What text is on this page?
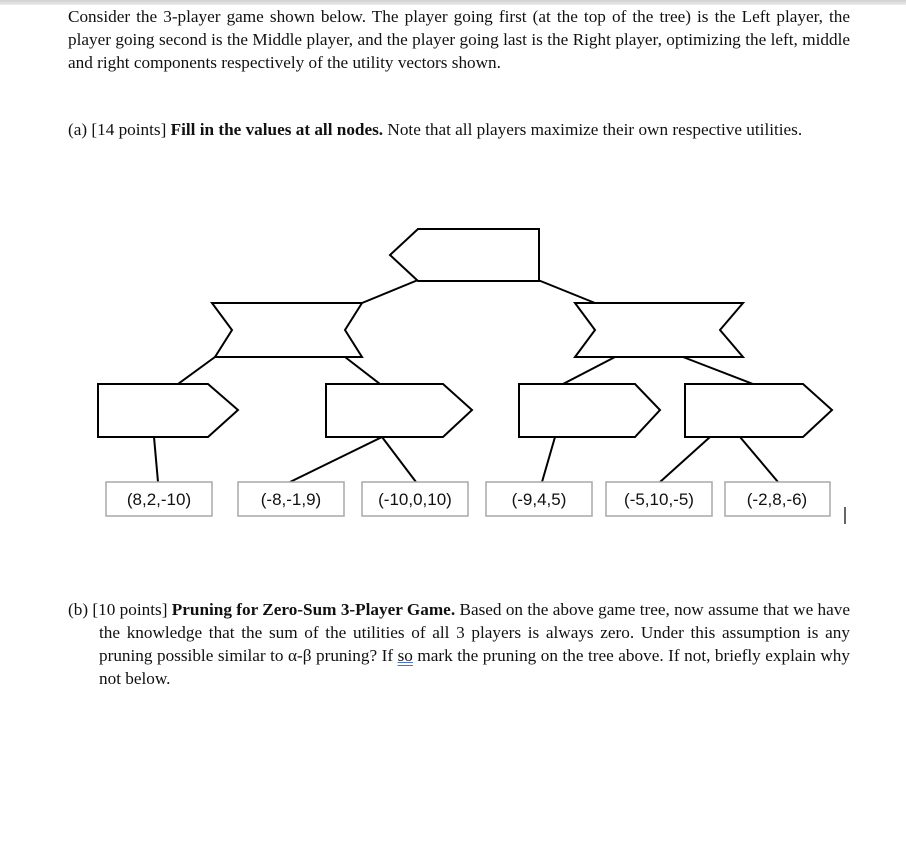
Consider the 3-player game shown below. The player going first (at the top of the tree) is the Left player, the player going second is the Middle player, and the player going last is the Right player, optimizing the left, middle and right components respectively of the utility vectors shown.
(a) [14 points] Fill in the values at all nodes. Note that all players maximize their own respective utilities.
(8,2,-10)	(-8,-1,9)	(-10,0,10)	(-9,4,5)	(-5,10,-5)	(-2,8,-6)
(b) [10 points] Pruning for Zero-Sum 3-Player Game. Based on the above game tree, now assume that we have the knowledge that the sum of the utilities of all 3 players is always zero. Under this assumption is any pruning possible similar to α-β pruning? If so mark the pruning on the tree above. If not, briefly explain why not below.
